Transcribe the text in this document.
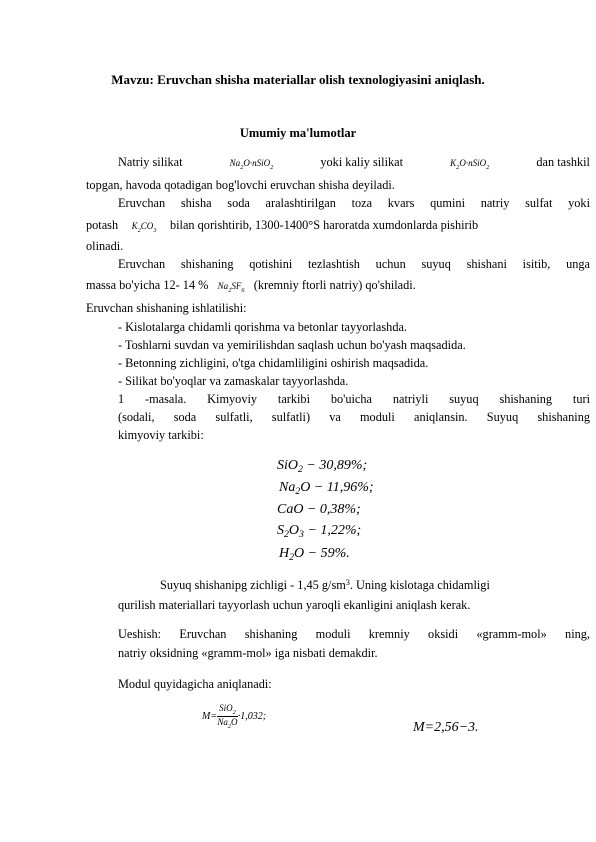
Mavzu: Eruvchan shisha materiallar olish texnologiyasini aniqlash.
Umumiy ma'lumotlar
Natriy silikat	$Na_2O\cdot nSiO_2$	yoki kaliy silikat	$K_2O\cdot nSiO_2$	dan tashkil
topgan, havoda qotadigan bog'lovchi eruvchan shisha deyiladi.
Eruvchan shisha soda aralashtirilgan toza kvars qumini natriy sulfat yoki
potash $K_2CO_3$ bilan qorishtirib, 1300-1400°S haroratda xumdonlarda pishirib
olinadi.
Eruvchan shishaning qotishini tezlashtish uchun suyuq shishani isitib, unga
massa bo'yicha 12- 14 % $Na_2SF_6$ (kremniy ftorli natriy) qo'shiladi.
Eruvchan shishaning ishlatilishi:
- Kislotalarga chidamli qorishma va betonlar tayyorlashda.
- Toshlarni suvdan va yemirilishdan saqlash uchun bo'yash maqsadida.
- Betonning zichligini, o'tga chidamliligini oshirish maqsadida.
- Silikat bo'yoqlar va zamaskalar tayyorlashda.
1 -masala. Kimyoviy tarkibi bo'uicha natriyli suyuq shishaning turi
(sodali, soda sulfatli, sulfatli) va moduli aniqlansin. Suyuq shishaning
kimyoviy tarkibi:
SiO$_2$ − 30,89%;
$Na_2O - 11,96\%$;
CaO − 0,38%;
$S_2O_3 - 1,22\%$;
$H_2O - 59\%$.
Suyuq shishanipg zichligi - 1,45 $g/sm^3$. Uning kislotaga chidamligi
qurilish materiallari tayyorlash uchun yaroqli ekanligini aniqlash kerak.
Ueshish: Eruvchan shishaning moduli kremniy oksidi «gramm-mol» ning,
natriy oksidning «gramm-mol» iga nisbati demakdir.
Modul quyidagicha aniqlanadi:
$M= \frac{SiO_2}{Na_2O} \cdot 1,032$;
M=2,56−3.
